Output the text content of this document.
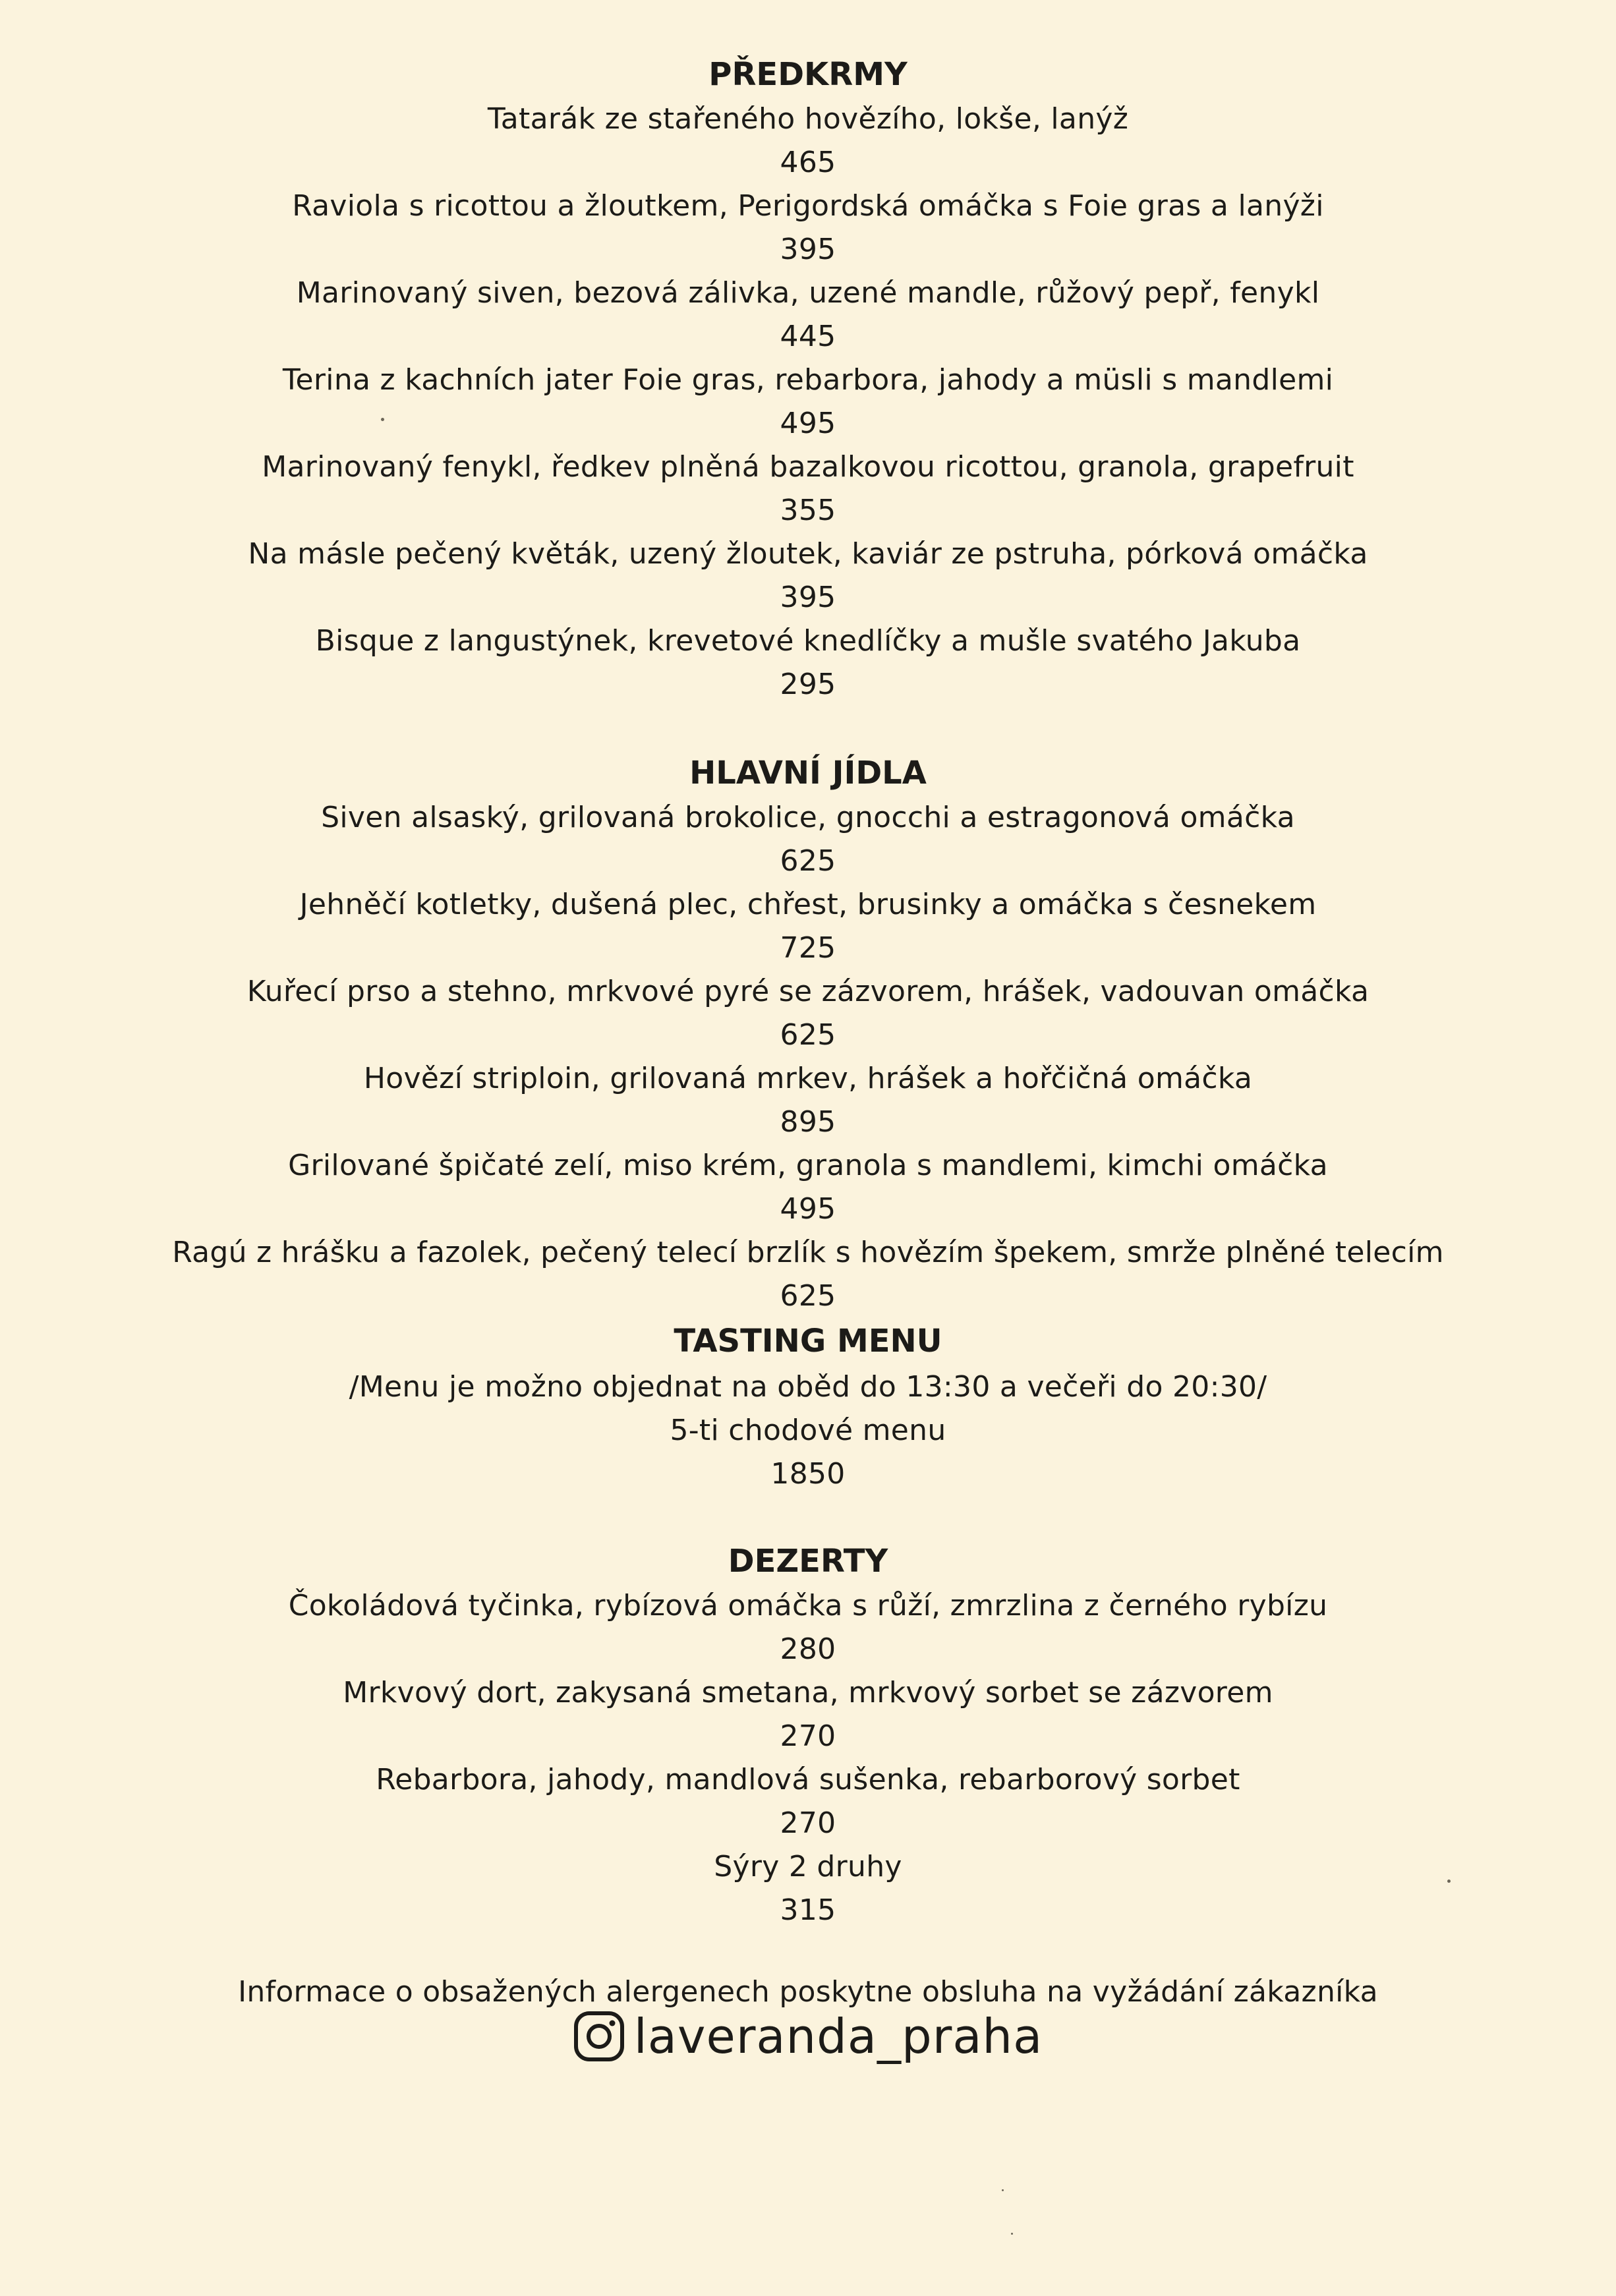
PŘEDKRMY
Tatarák ze stařeného hovězího, lokše, lanýž
465
Raviola s ricottou a žloutkem, Perigordská omáčka s Foie gras a lanýži
395
Marinovaný siven, bezová zálivka, uzené mandle, růžový pepř, fenykl
445
Terina z kachních jater Foie gras, rebarbora, jahody a müsli s mandlemi
495
Marinovaný fenykl, ředkev plněná bazalkovou ricottou, granola, grapefruit
355
Na másle pečený květák, uzený žloutek, kaviár ze pstruha, pórková omáčka
395
Bisque z langustýnek, krevetové knedlíčky a mušle svatého Jakuba
295
HLAVNÍ JÍDLA
Siven alsaský, grilovaná brokolice, gnocchi a estragonová omáčka
625
Jehněčí kotletky, dušená plec, chřest, brusinky a omáčka s česnekem
725
Kuřecí prso a stehno, mrkvové pyré se zázvorem, hrášek, vadouvan omáčka
625
Hovězí striploin, grilovaná mrkev, hrášek a hořčičná omáčka
895
Grilované špičaté zelí, miso krém, granola s mandlemi, kimchi omáčka
495
Ragú z hrášku a fazolek, pečený telecí brzlík s hovězím špekem, smrže plněné telecím
625
TASTING MENU
/Menu je možno objednat na oběd do 13:30 a večeři do 20:30/
5-ti chodové menu
1850
DEZERTY
Čokoládová tyčinka, rybízová omáčka s růží, zmrzlina z černého rybízu
280
Mrkvový dort, zakysaná smetana, mrkvový sorbet se zázvorem
270
Rebarbora, jahody, mandlová sušenka, rebarborový sorbet
270
Sýry 2 druhy
315
Informace o obsažených alergenech poskytne obsluha na vyžádání zákazníka
laveranda_praha
